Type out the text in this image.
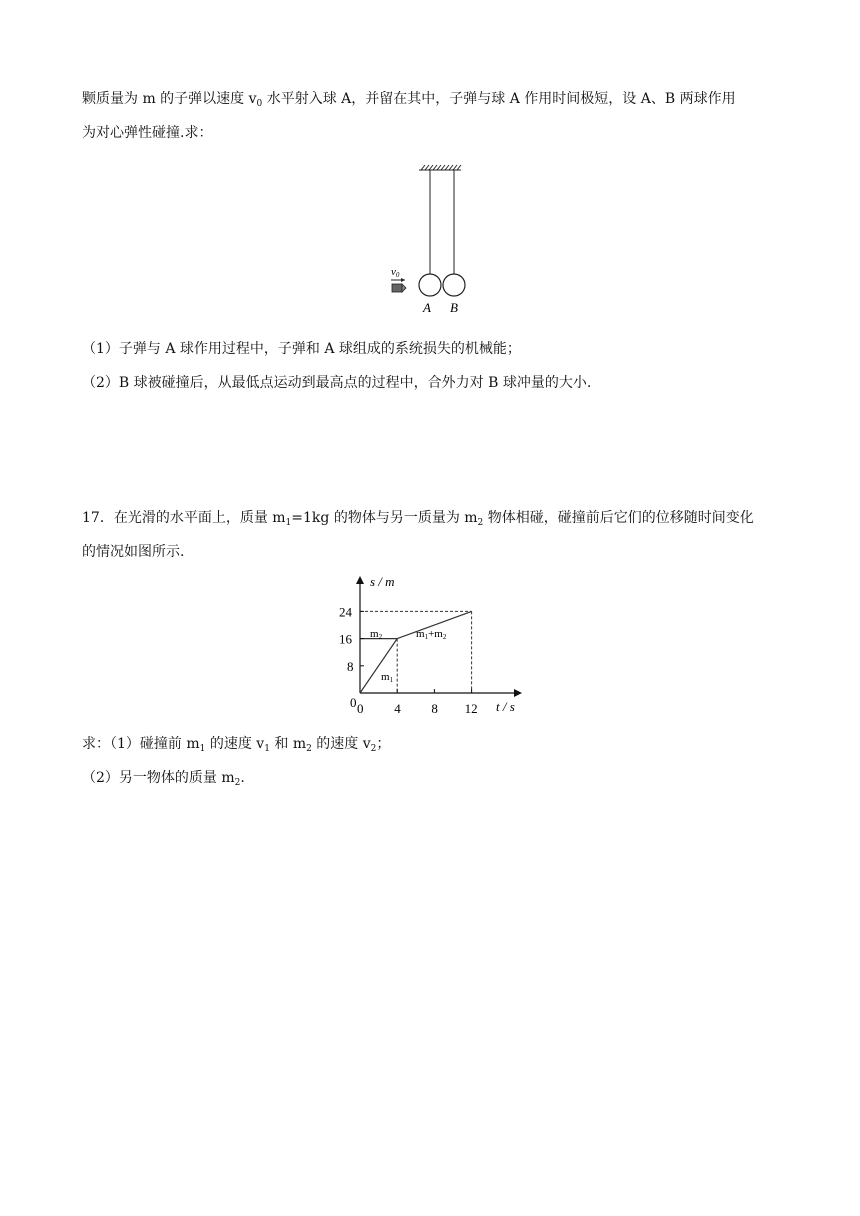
颗质量为 m 的子弹以速度 $v_0$ 水平射入球 A，并留在其中，子弹与球 A 作用时间极短，设 A、B 两球作用
为对心弹性碰撞.求：
v0
A B
（1）子弹与 A 球作用过程中，子弹和 A 球组成的系统损失的机械能；
（2）B 球被碰撞后，从最低点运动到最高点的过程中，合外力对 B 球冲量的大小.
17．在光滑的水平面上，质量 $m_1=1kg$ 的物体与另一质量为 $m_2$ 物体相碰，碰撞前后它们的位移随时间变化
的情况如图所示.
0 4 8 12
8
16
24
0
s / m
t / s
m2	m1+m2
m1
求：（1）碰撞前 $m_1$ 的速度 $v_1$ 和 $m_2$ 的速度 $v_2$；
（2）另一物体的质量 $m_2$.
